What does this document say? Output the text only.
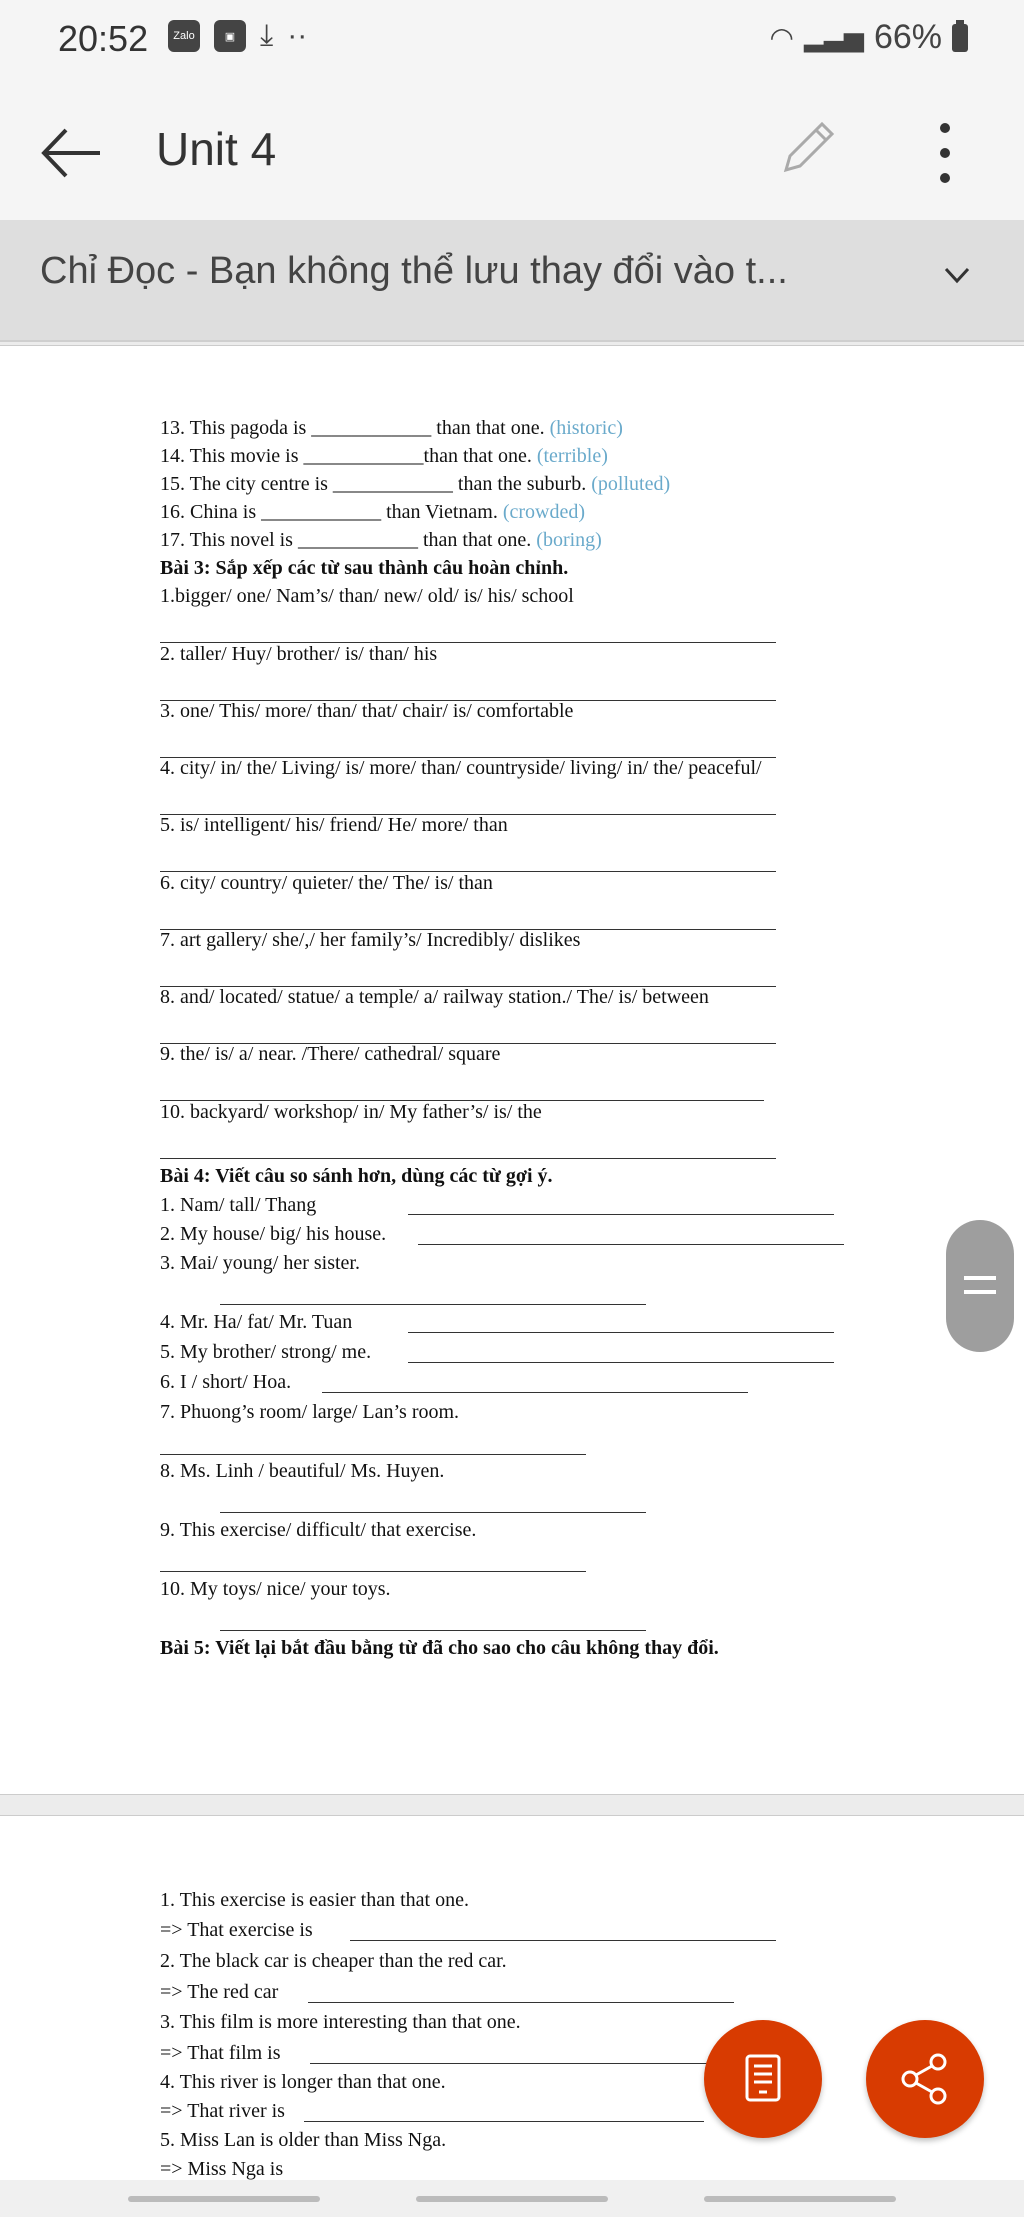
20:52	Zalo	▣ ⤓ ··	◠ ▂▃▅ 66%
Unit 4
Chỉ Đọc - Bạn không thể lưu thay đổi vào t...
13. This pagoda is ____________ than that one. (historic)
14. This movie is ____________than that one. (terrible)
15. The city centre is ____________ than the suburb. (polluted)
16. China is ____________ than Vietnam. (crowded)
17. This novel is ____________ than that one. (boring)
Bài 3: Sắp xếp các từ sau thành câu hoàn chỉnh.
1.bigger/ one/ Nam’s/ than/ new/ old/ is/ his/ school
2. taller/ Huy/ brother/ is/ than/ his
3. one/ This/ more/ than/ that/ chair/ is/ comfortable
4. city/ in/ the/ Living/ is/ more/ than/ countryside/ living/ in/ the/ peaceful/
5. is/ intelligent/ his/ friend/ He/ more/ than
6. city/ country/ quieter/ the/ The/ is/ than
7. art gallery/ she/,/ her family’s/ Incredibly/ dislikes
8. and/ located/ statue/ a temple/ a/ railway station./ The/ is/ between
9. the/ is/ a/ near. /There/ cathedral/ square
10. backyard/ workshop/ in/ My father’s/ is/ the
Bài 4: Viết câu so sánh hơn, dùng các từ gợi ý.
1. Nam/ tall/ Thang
2. My house/ big/ his house.
3. Mai/ young/ her sister.
4. Mr. Ha/ fat/ Mr. Tuan
5. My brother/ strong/ me.
6. I / short/ Hoa.
7. Phuong’s room/ large/ Lan’s room.
8. Ms. Linh / beautiful/ Ms. Huyen.
9. This exercise/ difficult/ that exercise.
10. My toys/ nice/ your toys.
Bài 5: Viết lại bắt đầu bằng từ đã cho sao cho câu không thay đổi.
1. This exercise is easier than that one.
=> That exercise is
2. The black car is cheaper than the red car.
=> The red car
3. This film is more interesting than that one.
=> That film is
4. This river is longer than that one.
=> That river is
5. Miss Lan is older than Miss Nga.
=> Miss Nga is
